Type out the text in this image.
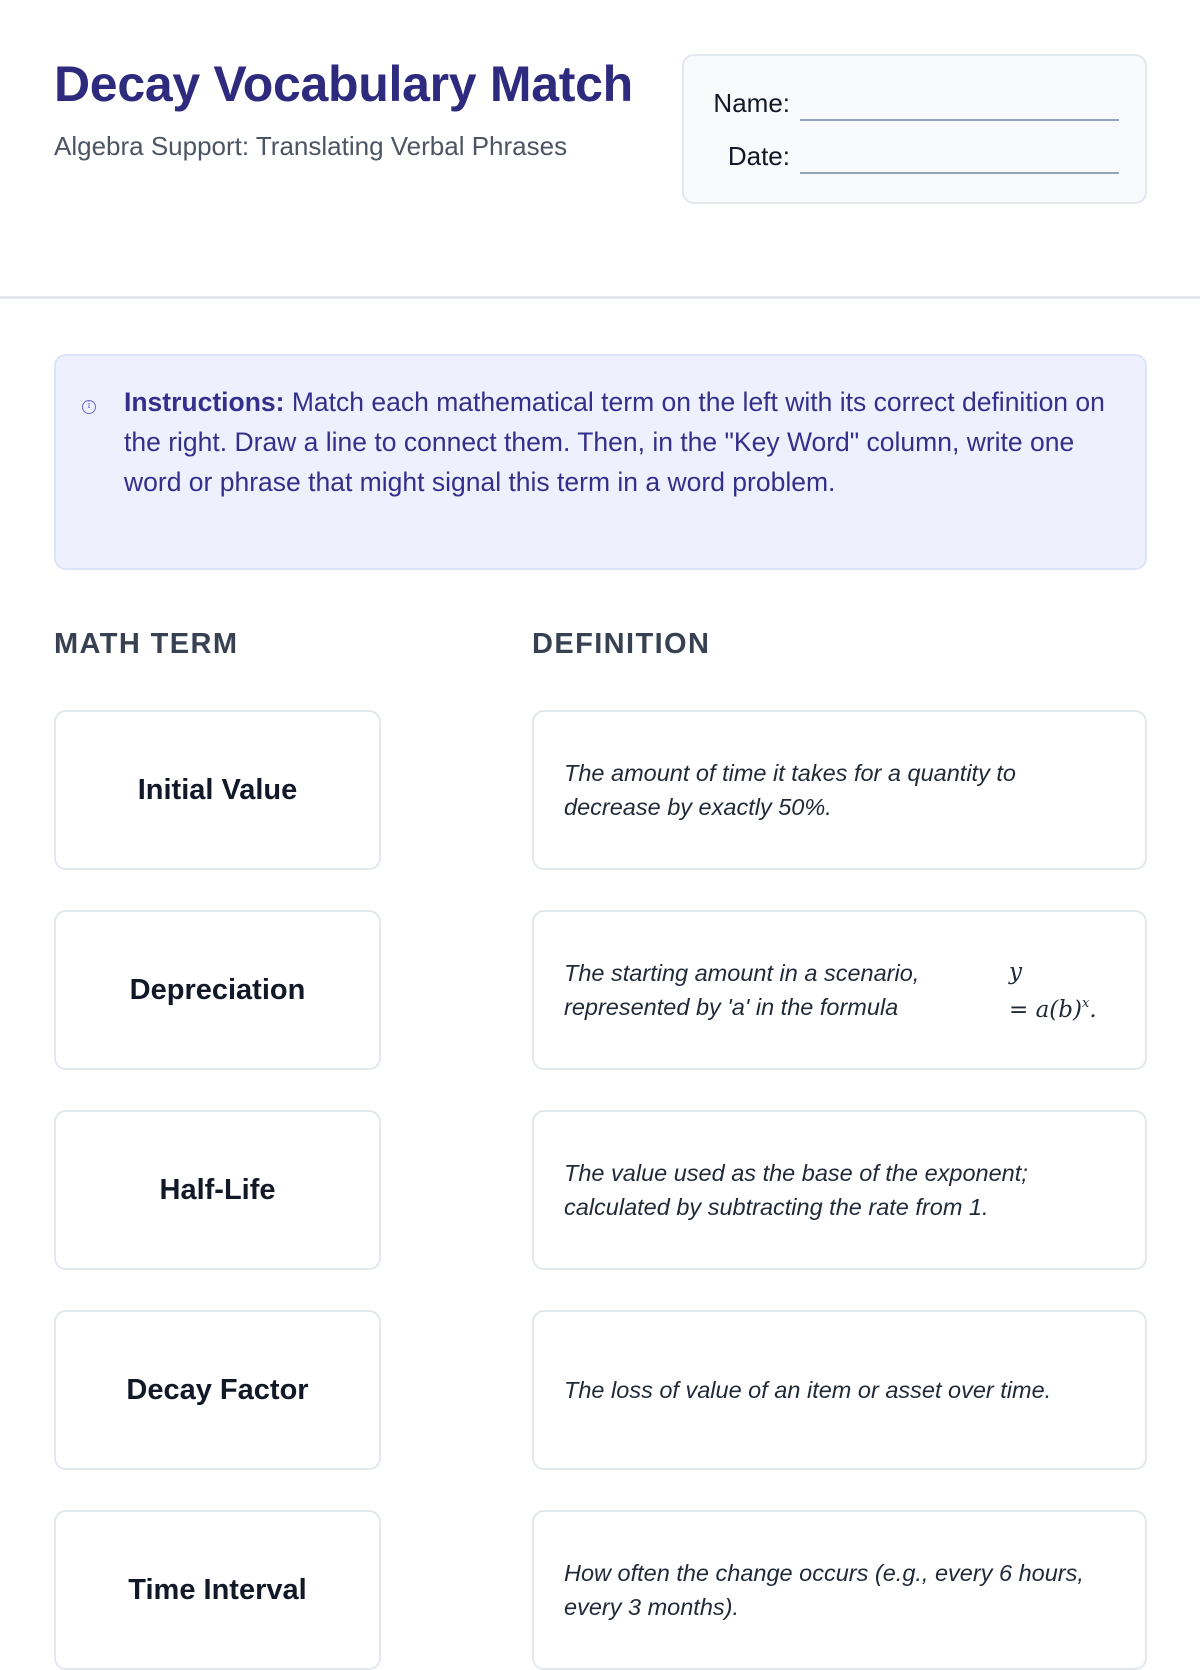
Decay Vocabulary Match
Algebra Support: Translating Verbal Phrases
Name:
Date:
i Instructions: Match each mathematical term on the left with its correct definition on the right. Draw a line to connect them. Then, in the "Key Word" column, write one word or phrase that might signal this term in a word problem.
MATH TERM	DEFINITION
Initial Value
The amount of time it takes for a quantity to decrease by exactly 50%.
Depreciation
The starting amount in a scenario, represented by 'a' in the formula
y
= $a(b)^x$.
Half-Life
The value used as the base of the exponent; calculated by subtracting the rate from 1.
Decay Factor	The loss of value of an item or asset over time.
Time Interval
How often the change occurs (e.g., every 6 hours, every 3 months).
